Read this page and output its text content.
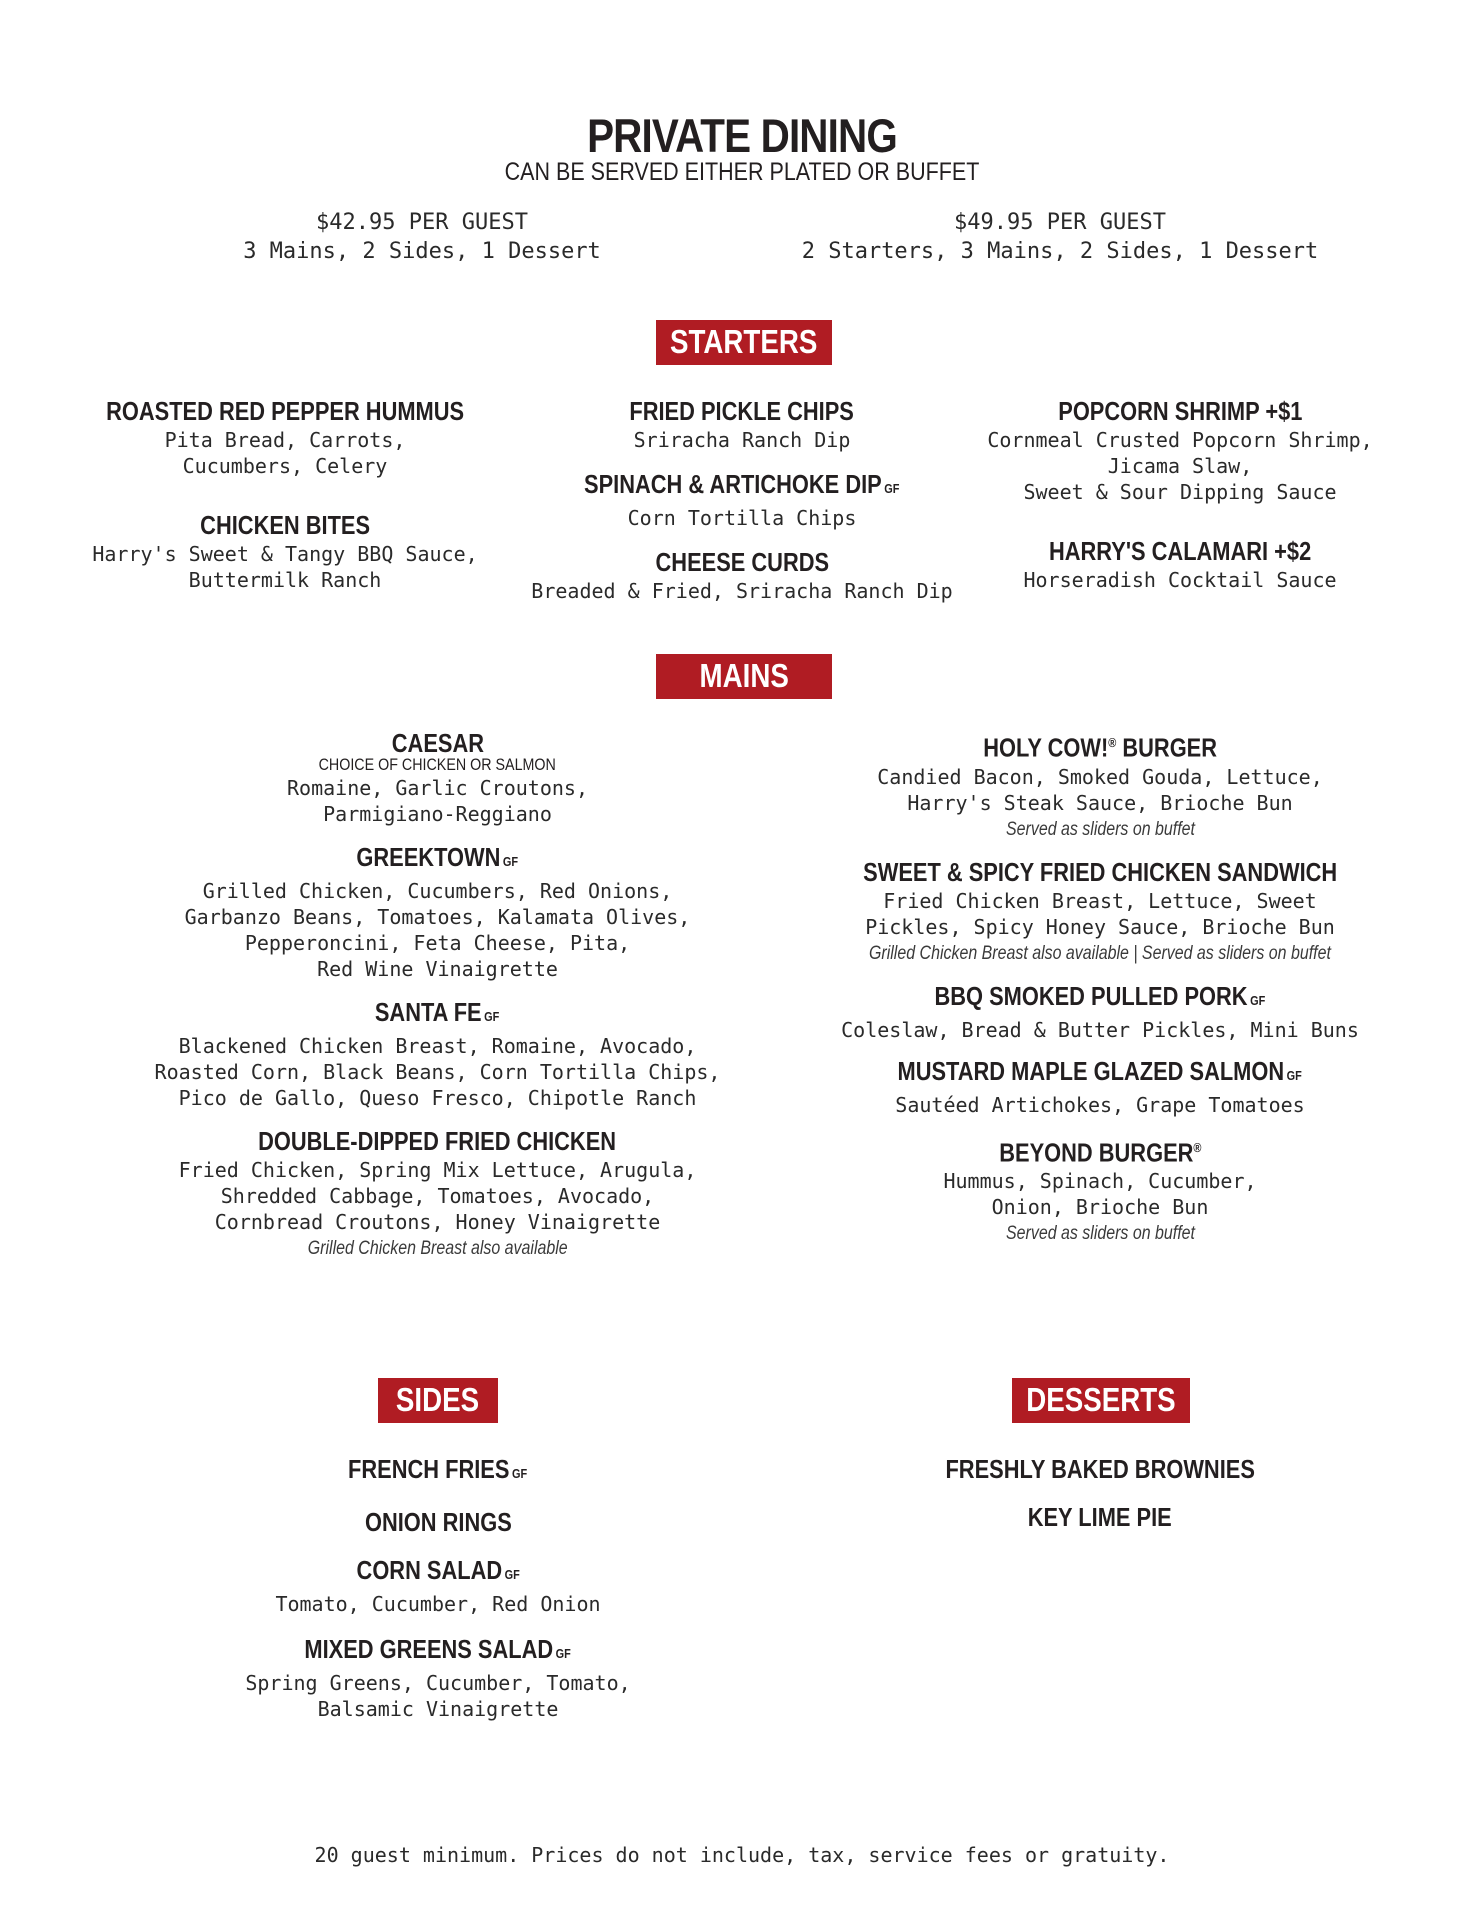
PRIVATE DINING
CAN BE SERVED EITHER PLATED OR BUFFET
$42.95 PER GUEST
3 Mains, 2 Sides, 1 Dessert
$49.95 PER GUEST
2 Starters, 3 Mains, 2 Sides, 1 Dessert
STARTERS
ROASTED RED PEPPER HUMMUS
Pita Bread, Carrots,
Cucumbers, Celery
CHICKEN BITES
Harry's Sweet & Tangy BBQ Sauce,
Buttermilk Ranch
FRIED PICKLE CHIPS
Sriracha Ranch Dip
SPINACH & ARTICHOKE DIP GF
Corn Tortilla Chips
CHEESE CURDS
Breaded & Fried, Sriracha Ranch Dip
POPCORN SHRIMP +$1
Cornmeal Crusted Popcorn Shrimp,
Jicama Slaw,
Sweet & Sour Dipping Sauce
HARRY'S CALAMARI +$2
Horseradish Cocktail Sauce
MAINS
CAESAR
CHOICE OF CHICKEN OR SALMON
Romaine, Garlic Croutons,
Parmigiano-Reggiano
GREEKTOWN GF
Grilled Chicken, Cucumbers, Red Onions,
Garbanzo Beans, Tomatoes, Kalamata Olives,
Pepperoncini, Feta Cheese, Pita,
Red Wine Vinaigrette
SANTA FE GF
Blackened Chicken Breast, Romaine, Avocado,
Roasted Corn, Black Beans, Corn Tortilla Chips,
Pico de Gallo, Queso Fresco, Chipotle Ranch
DOUBLE-DIPPED FRIED CHICKEN
Fried Chicken, Spring Mix Lettuce, Arugula,
Shredded Cabbage, Tomatoes, Avocado,
Cornbread Croutons, Honey Vinaigrette
Grilled Chicken Breast also available
HOLY COW!® BURGER
Candied Bacon, Smoked Gouda, Lettuce,
Harry's Steak Sauce, Brioche Bun
Served as sliders on buffet
SWEET & SPICY FRIED CHICKEN SANDWICH
Fried Chicken Breast, Lettuce, Sweet
Pickles, Spicy Honey Sauce, Brioche Bun
Grilled Chicken Breast also available | Served as sliders on buffet
BBQ SMOKED PULLED PORK GF
Coleslaw, Bread & Butter Pickles, Mini Buns
MUSTARD MAPLE GLAZED SALMON GF
Sautéed Artichokes, Grape Tomatoes
BEYOND BURGER®
Hummus, Spinach, Cucumber,
Onion, Brioche Bun
Served as sliders on buffet
SIDES
FRENCH FRIES GF
ONION RINGS
CORN SALAD GF
Tomato, Cucumber, Red Onion
MIXED GREENS SALAD GF
Spring Greens, Cucumber, Tomato,
Balsamic Vinaigrette
DESSERTS
FRESHLY BAKED BROWNIES
KEY LIME PIE
20 guest minimum. Prices do not include, tax, service fees or gratuity.
